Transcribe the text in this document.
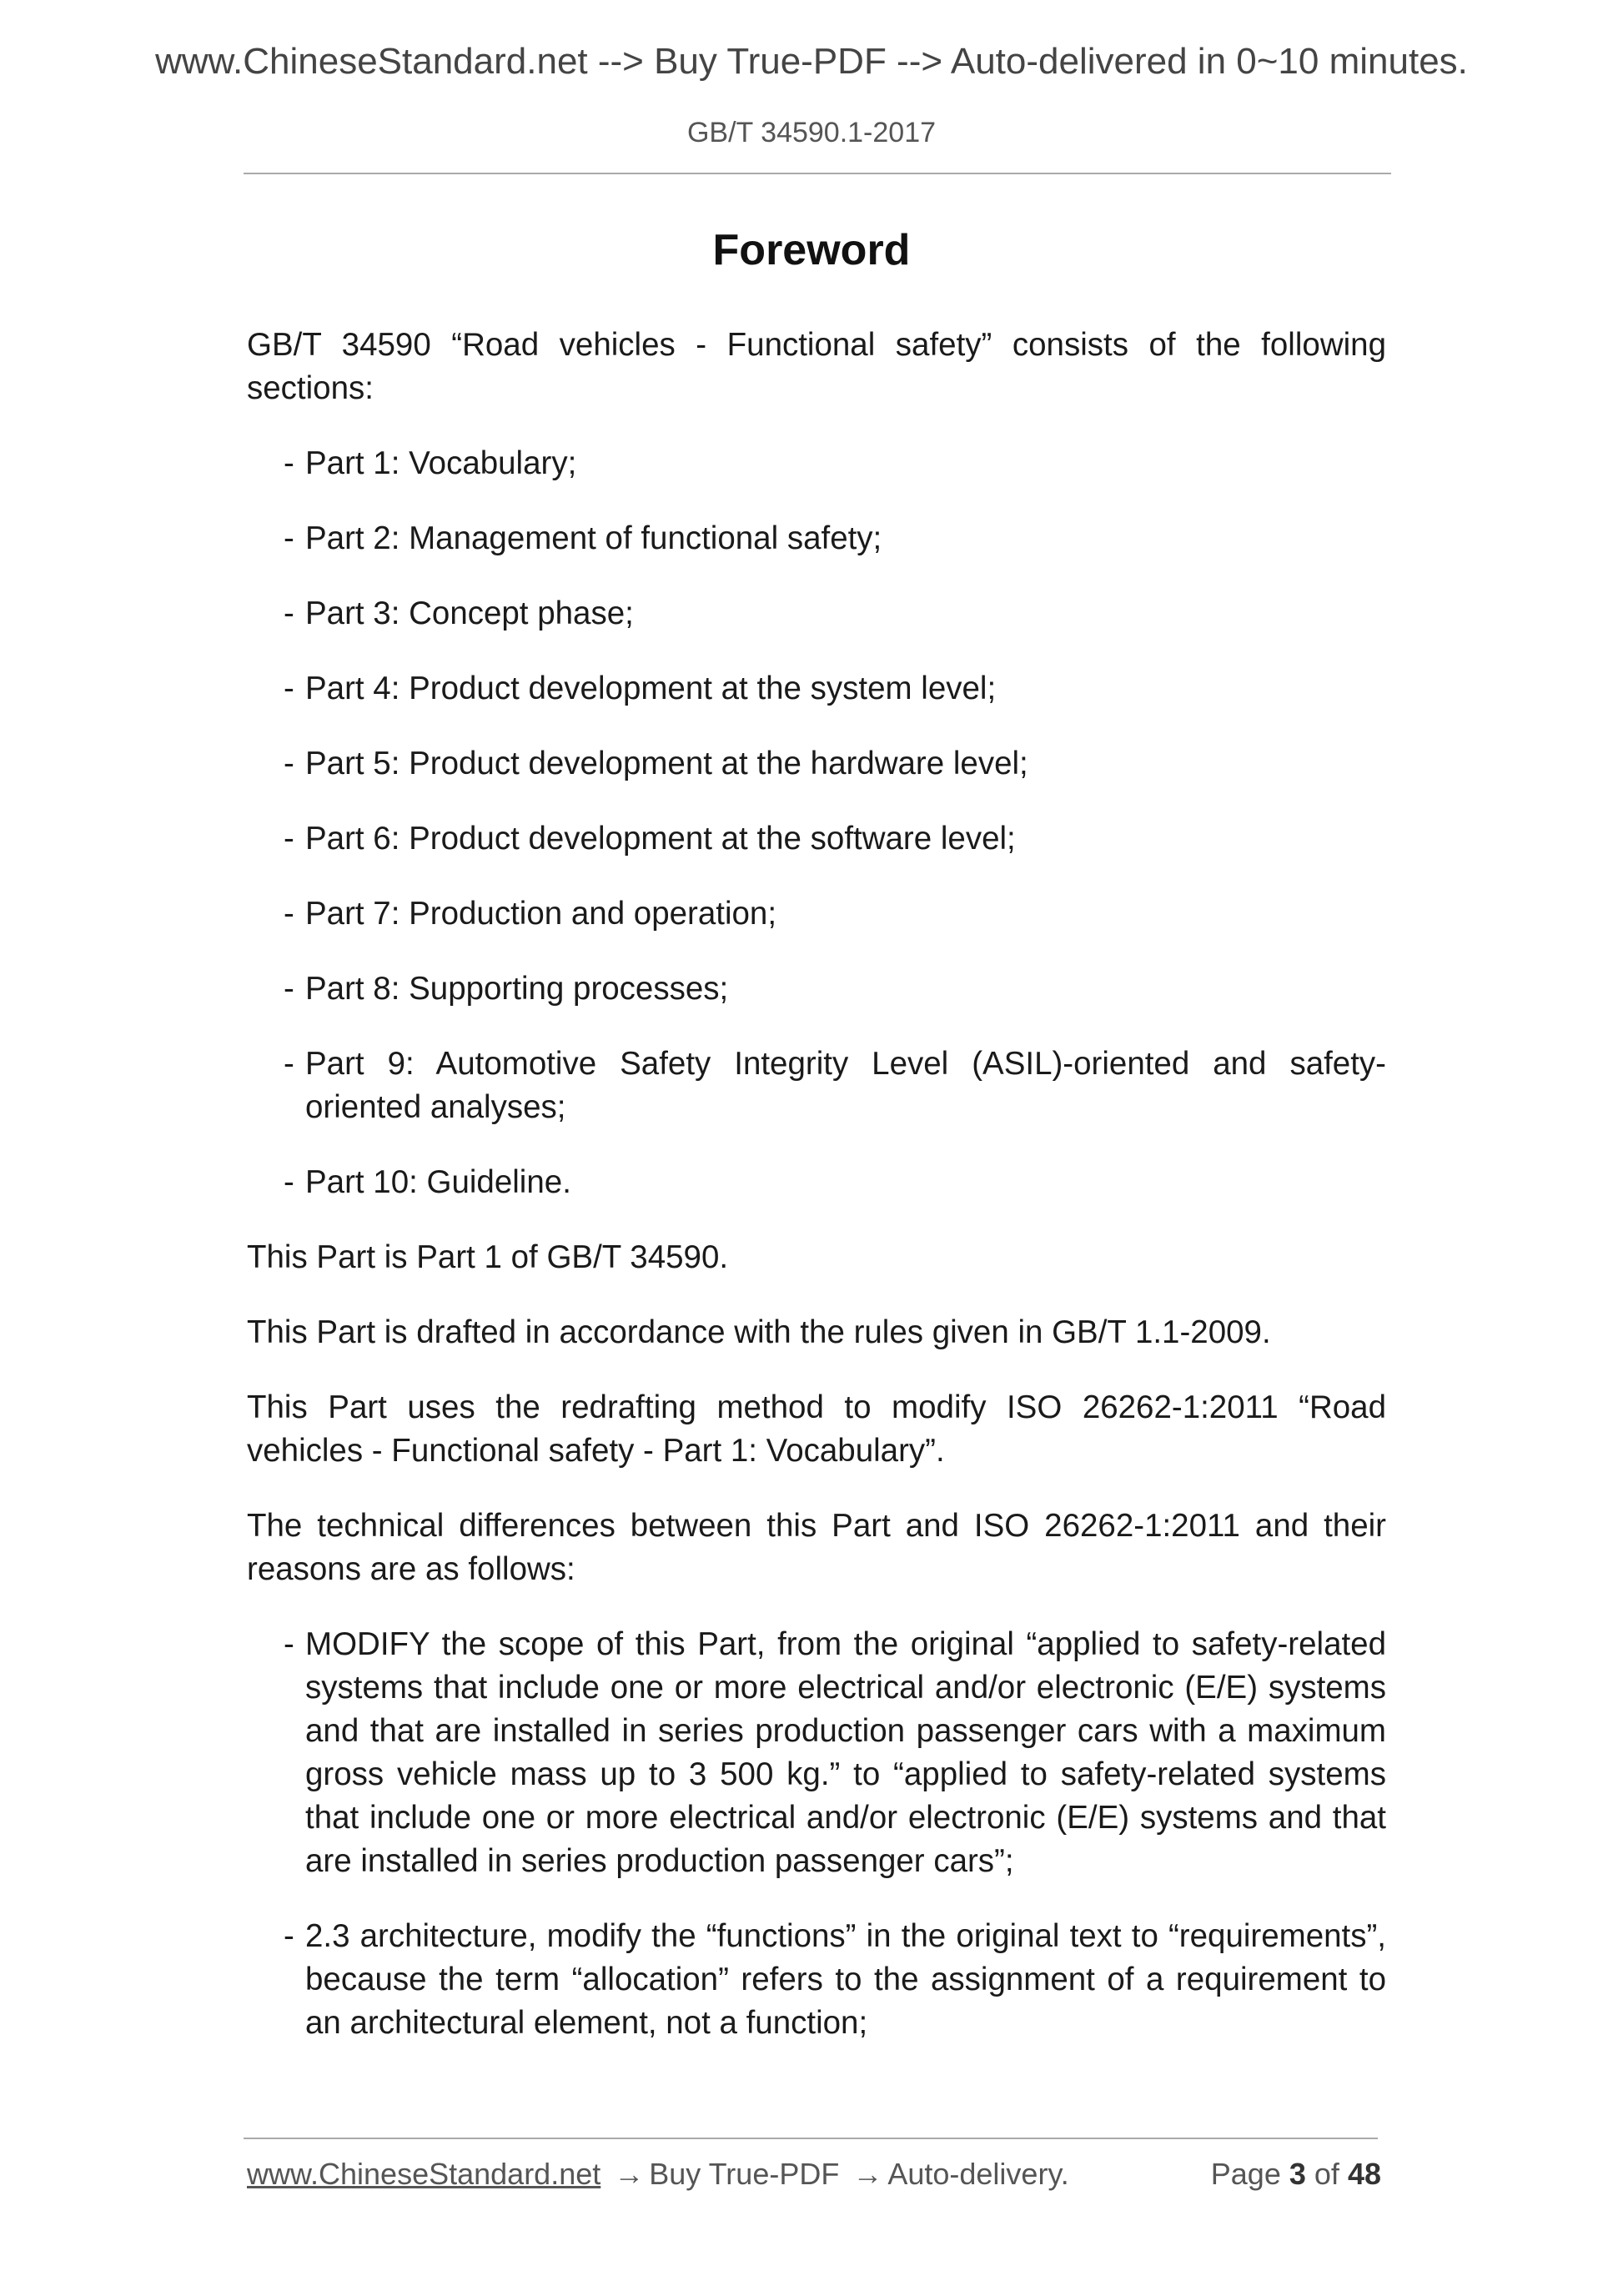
www.ChineseStandard.net --> Buy True-PDF --> Auto-delivered in 0~10 minutes.
GB/T 34590.1-2017
Foreword

GB/T 34590 “Road vehicles - Functional safety” consists of the following sections:

- Part 1: Vocabulary;
- Part 2: Management of functional safety;
- Part 3: Concept phase;
- Part 4: Product development at the system level;
- Part 5: Product development at the hardware level;
- Part 6: Product development at the software level;
- Part 7: Production and operation;
- Part 8: Supporting processes;
- Part 9: Automotive Safety Integrity Level (ASIL)-oriented and safety-oriented analyses;
- Part 10: Guideline.

This Part is Part 1 of GB/T 34590.

This Part is drafted in accordance with the rules given in GB/T 1.1-2009.

This Part uses the redrafting method to modify ISO 26262-1:2011 “Road vehicles - Functional safety - Part 1: Vocabulary”.

The technical differences between this Part and ISO 26262-1:2011 and their reasons are as follows:

- MODIFY the scope of this Part, from the original “applied to safety-related systems that include one or more electrical and/or electronic (E/E) systems and that are installed in series production passenger cars with a maximum gross vehicle mass up to 3 500 kg.” to “applied to safety-related systems that include one or more electrical and/or electronic (E/E) systems and that are installed in series production passenger cars”;
- 2.3 architecture, modify the “functions” in the original text to “requirements”, because the term “allocation” refers to the assignment of a requirement to an architectural element, not a function;
www.ChineseStandard.net → Buy True-PDF → Auto-delivery.	Page 3 of 48
